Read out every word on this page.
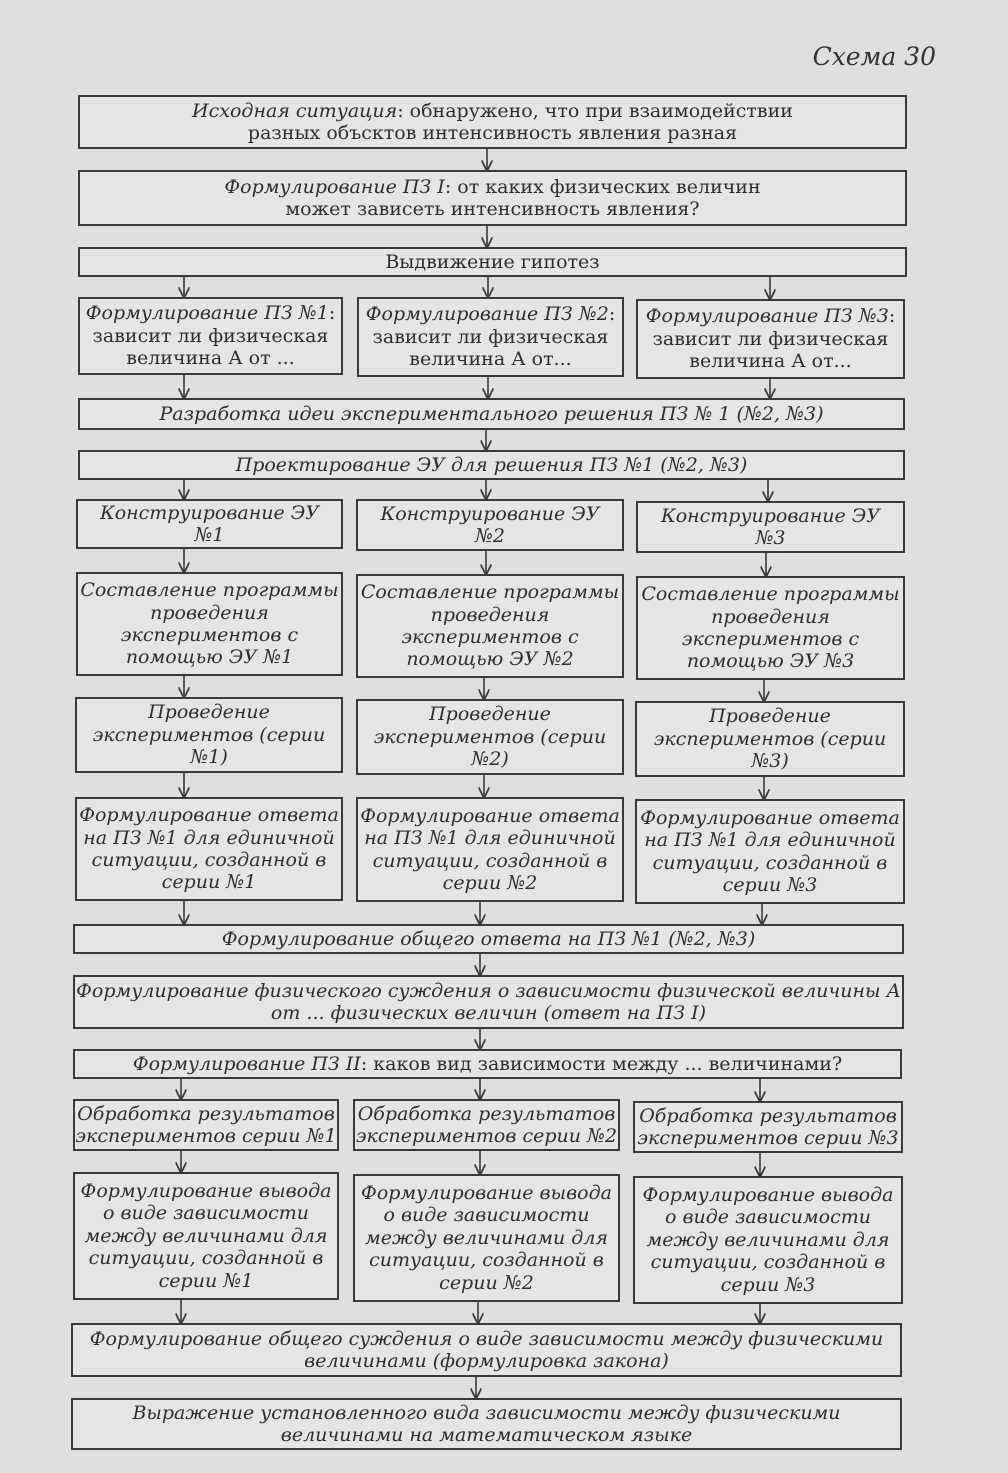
Схема 30
Исходная ситуация: обнаружено, что при взаимодействии
разных объсктов интенсивность явления разная
Формулирование ПЗ I: от каких физических величин
может зависеть интенсивность явления?
Выдвижение гипотез
Формулирование ПЗ №1:
зависит ли физическая
величина А от ...
Формулирование ПЗ №2:
зависит ли физическая
величина А от...
Формулирование ПЗ №3:
зависит ли физическая
величина А от...
Разработка идеи экспериментального решения ПЗ № 1 (№2, №3)
Проектирование ЭУ для решения ПЗ №1 (№2, №3)
Конструирование ЭУ
№1
Конструирование ЭУ
№2
Конструирование ЭУ
№3
Составление программы
проведения
экспериментов с
помощью ЭУ №1
Составление программы
проведения
экспериментов с
помощью ЭУ №2
Составление программы
проведения
экспериментов с
помощью ЭУ №3
Проведение
экспериментов (серии
№1)
Проведение
экспериментов (серии
№2)
Проведение
экспериментов (серии
№3)
Формулирование ответа
на ПЗ №1 для единичной
ситуации, созданной в
серии №1
Формулирование ответа
на ПЗ №1 для единичной
ситуации, созданной в
серии №2
Формулирование ответа
на ПЗ №1 для единичной
ситуации, созданной в
серии №3
Формулирование общего ответа на ПЗ №1 (№2, №3)
Формулирование физического суждения о зависимости физической величины А
от ... физических величин (ответ на ПЗ I)
Формулирование ПЗ II: каков вид зависимости между ... величинами?
Обработка результатов
экспериментов серии №1
Обработка результатов
экспериментов серии №2
Обработка результатов
экспериментов серии №3
Формулирование вывода
о виде зависимости
между величинами для
ситуации, созданной в
серии №1
Формулирование вывода
о виде зависимости
между величинами для
ситуации, созданной в
серии №2
Формулирование вывода
о виде зависимости
между величинами для
ситуации, созданной в
серии №3
Формулирование общего суждения о виде зависимости между физическими
величинами (формулировка закона)
Выражение установленного вида зависимости между физическими
величинами на математическом языке
